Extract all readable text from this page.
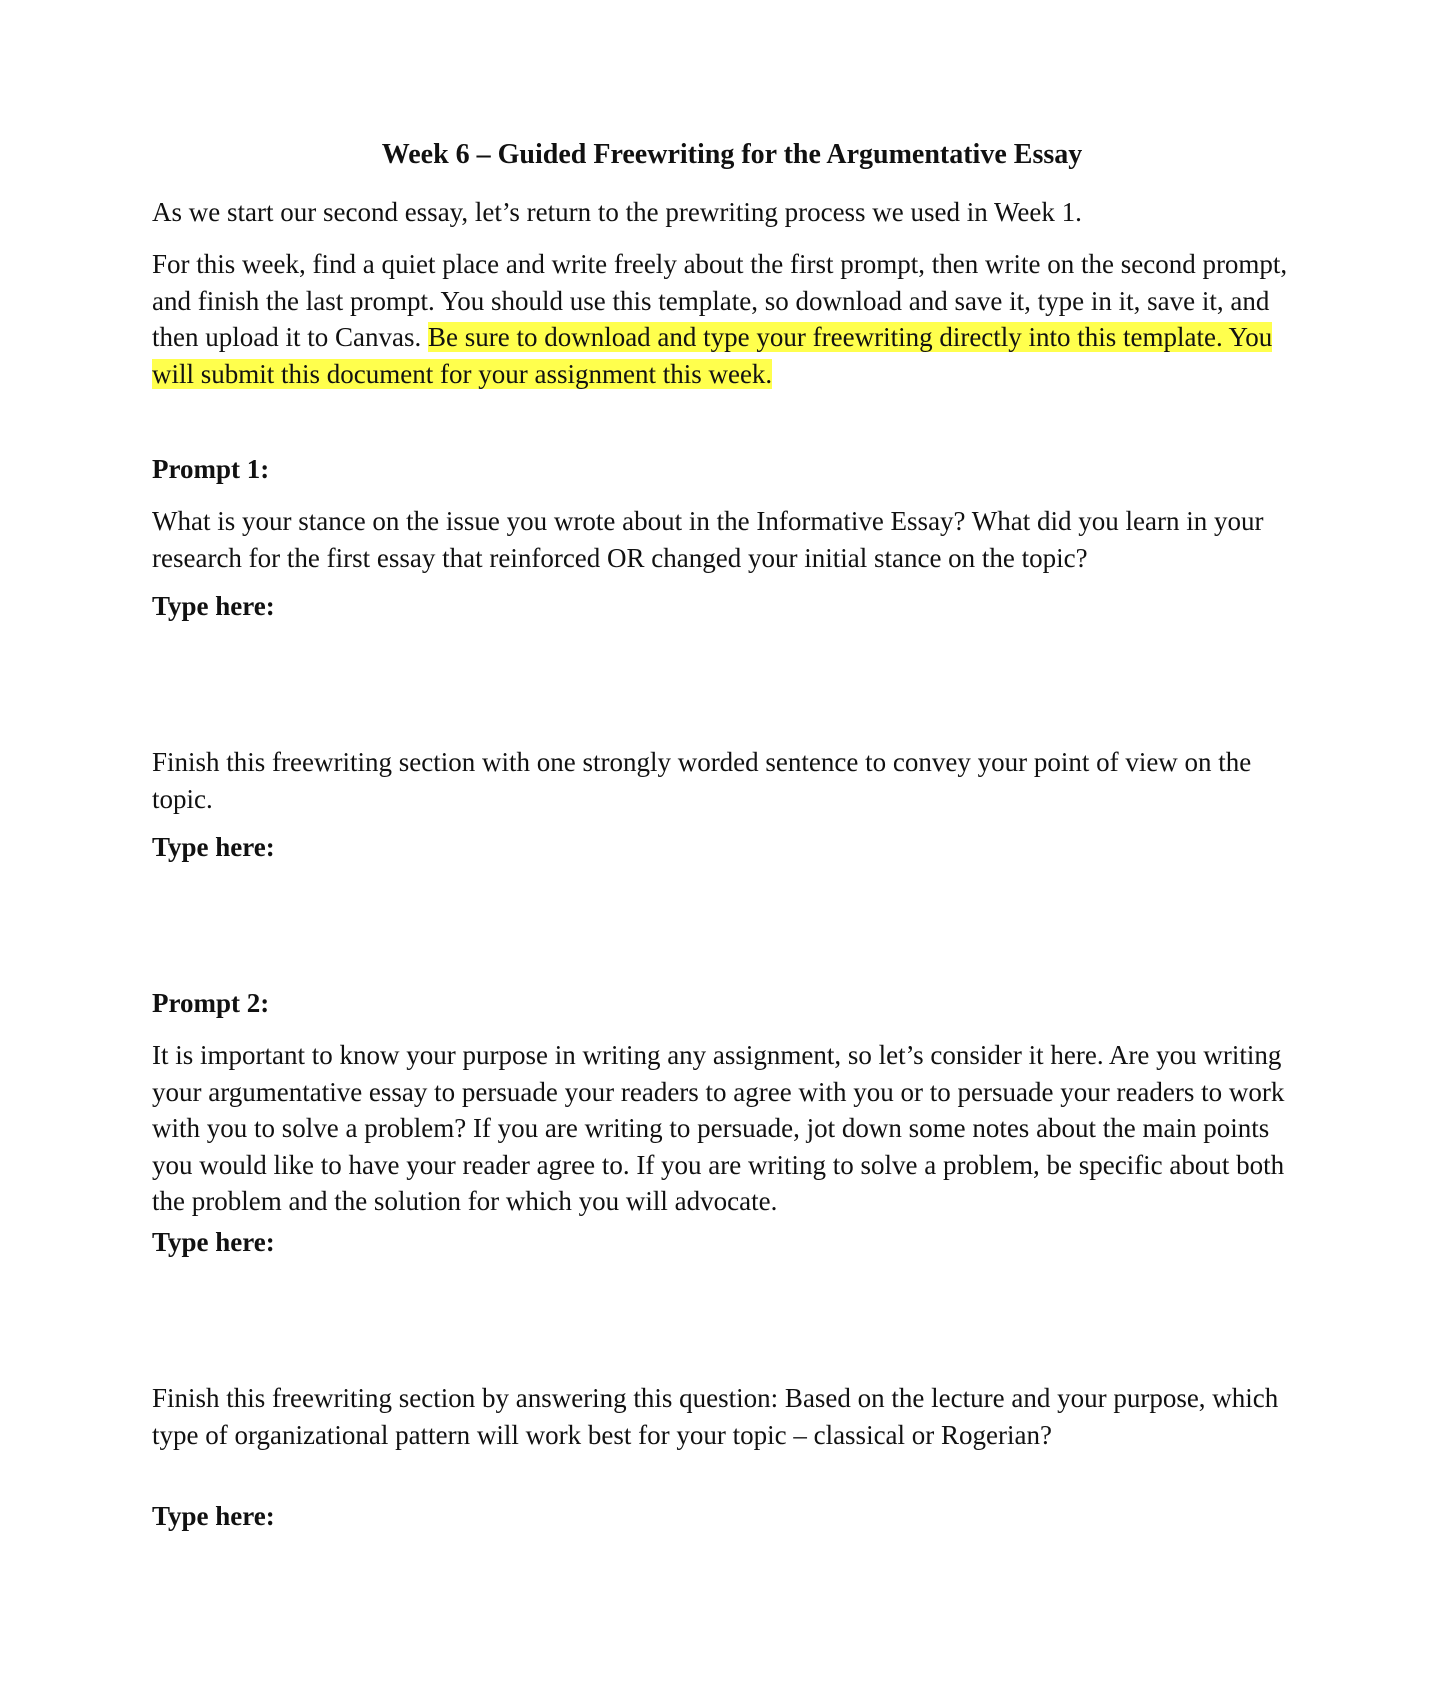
Week 6 – Guided Freewriting for the Argumentative Essay

As we start our second essay, let’s return to the prewriting process we used in Week 1.

For this week, find a quiet place and write freely about the first prompt, then write on the second prompt, and finish the last prompt. You should use this template, so download and save it, type in it, save it, and then upload it to Canvas. Be sure to download and type your freewriting directly into this template. You will submit this document for your assignment this week.

Prompt 1:

What is your stance on the issue you wrote about in the Informative Essay? What did you learn in your research for the first essay that reinforced OR changed your initial stance on the topic?

Type here:

Finish this freewriting section with one strongly worded sentence to convey your point of view on the topic.

Type here:

Prompt 2:

It is important to know your purpose in writing any assignment, so let’s consider it here. Are you writing your argumentative essay to persuade your readers to agree with you or to persuade your readers to work with you to solve a problem? If you are writing to persuade, jot down some notes about the main points you would like to have your reader agree to. If you are writing to solve a problem, be specific about both the problem and the solution for which you will advocate.

Type here:

Finish this freewriting section by answering this question: Based on the lecture and your purpose, which type of organizational pattern will work best for your topic – classical or Rogerian?

Type here:
